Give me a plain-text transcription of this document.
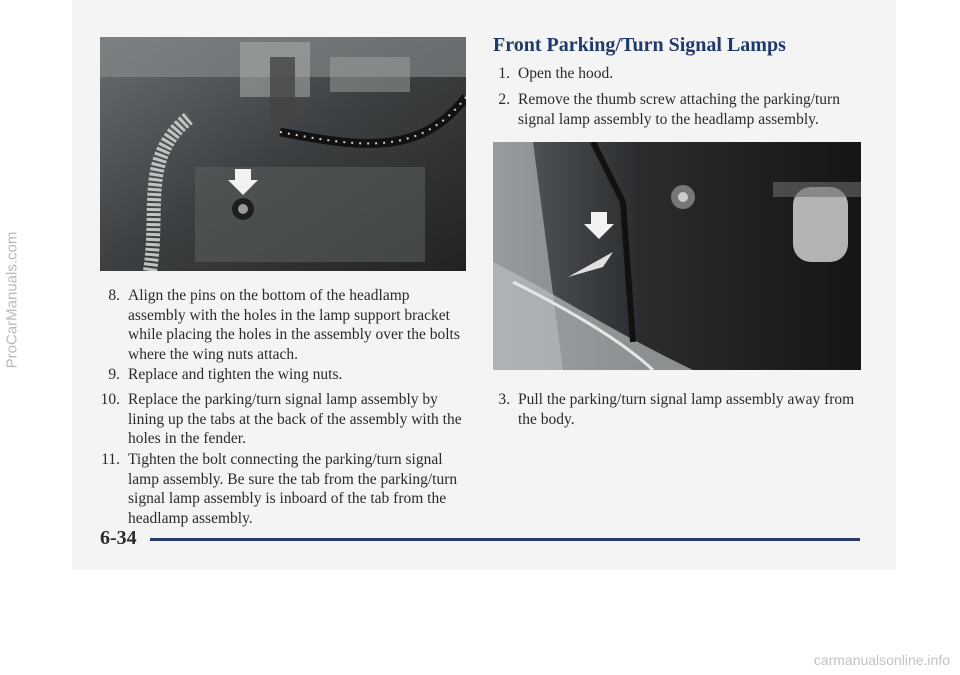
8. Align the pins on the bottom of the headlamp assembly with the holes in the lamp support bracket while placing the holes in the assembly over the bolts where the wing nuts attach.
9. Replace and tighten the wing nuts.
10. Replace the parking/turn signal lamp assembly by lining up the tabs at the back of the assembly with the holes in the fender.
11. Tighten the bolt connecting the parking/turn signal lamp assembly. Be sure the tab from the parking/turn signal lamp assembly is inboard of the tab from the headlamp assembly.
Front Parking/Turn Signal Lamps
1. Open the hood.
2. Remove the thumb screw attaching the parking/turn signal lamp assembly to the headlamp assembly.
3. Pull the parking/turn signal lamp assembly away from the body.
6-34
ProCarManuals.com
carmanualsonline.info
